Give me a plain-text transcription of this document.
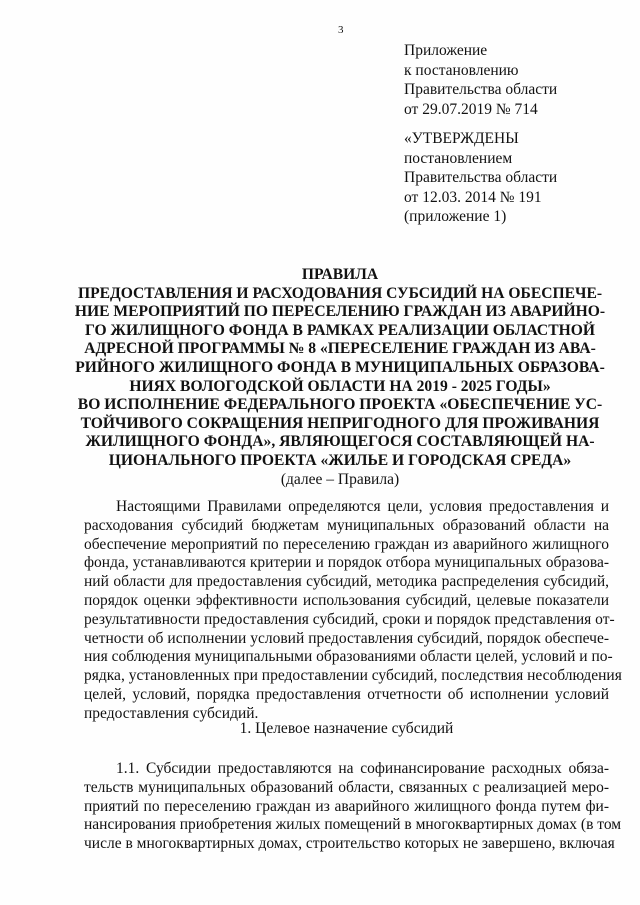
3
Приложение
к постановлению
Правительства области
от 29.07.2019 № 714
«УТВЕРЖДЕНЫ
постановлением
Правительства области
от 12.03. 2014 № 191
(приложение 1)
ПРАВИЛА
ПРЕДОСТАВЛЕНИЯ И РАСХОДОВАНИЯ СУБСИДИЙ НА ОБЕСПЕЧЕ-
НИЕ МЕРОПРИЯТИЙ ПО ПЕРЕСЕЛЕНИЮ ГРАЖДАН ИЗ АВАРИЙНО-
ГО ЖИЛИЩНОГО ФОНДА В РАМКАХ РЕАЛИЗАЦИИ ОБЛАСТНОЙ
АДРЕСНОЙ ПРОГРАММЫ № 8 «ПЕРЕСЕЛЕНИЕ ГРАЖДАН ИЗ АВА-
РИЙНОГО ЖИЛИЩНОГО ФОНДА В МУНИЦИПАЛЬНЫХ ОБРАЗОВА-
НИЯХ ВОЛОГОДСКОЙ ОБЛАСТИ НА 2019 - 2025 ГОДЫ»
ВО ИСПОЛНЕНИЕ ФЕДЕРАЛЬНОГО ПРОЕКТА «ОБЕСПЕЧЕНИЕ УС-
ТОЙЧИВОГО СОКРАЩЕНИЯ НЕПРИГОДНОГО ДЛЯ ПРОЖИВАНИЯ
ЖИЛИЩНОГО ФОНДА», ЯВЛЯЮЩЕГОСЯ СОСТАВЛЯЮЩЕЙ НА-
ЦИОНАЛЬНОГО ПРОЕКТА «ЖИЛЬЕ И ГОРОДСКАЯ СРЕДА»
(далее – Правила)
Настоящими Правилами определяются цели, условия предоставления и
расходования субсидий бюджетам муниципальных образований области на
обеспечение мероприятий по переселению граждан из аварийного жилищного
фонда, устанавливаются критерии и порядок отбора муниципальных образова-
ний области для предоставления субсидий, методика распределения субсидий,
порядок оценки эффективности использования субсидий, целевые показатели
результативности предоставления субсидий, сроки и порядок представления от-
четности об исполнении условий предоставления субсидий, порядок обеспече-
ния соблюдения муниципальными образованиями области целей, условий и по-
рядка, установленных при предоставлении субсидий, последствия несоблюдения
целей, условий, порядка предоставления отчетности об исполнении условий
предоставления субсидий.
1. Целевое назначение субсидий
1.1. Субсидии предоставляются на софинансирование расходных обяза-
тельств муниципальных образований области, связанных с реализацией меро-
приятий по переселению граждан из аварийного жилищного фонда путем фи-
нансирования приобретения жилых помещений в многоквартирных домах (в том
числе в многоквартирных домах, строительство которых не завершено, включая
